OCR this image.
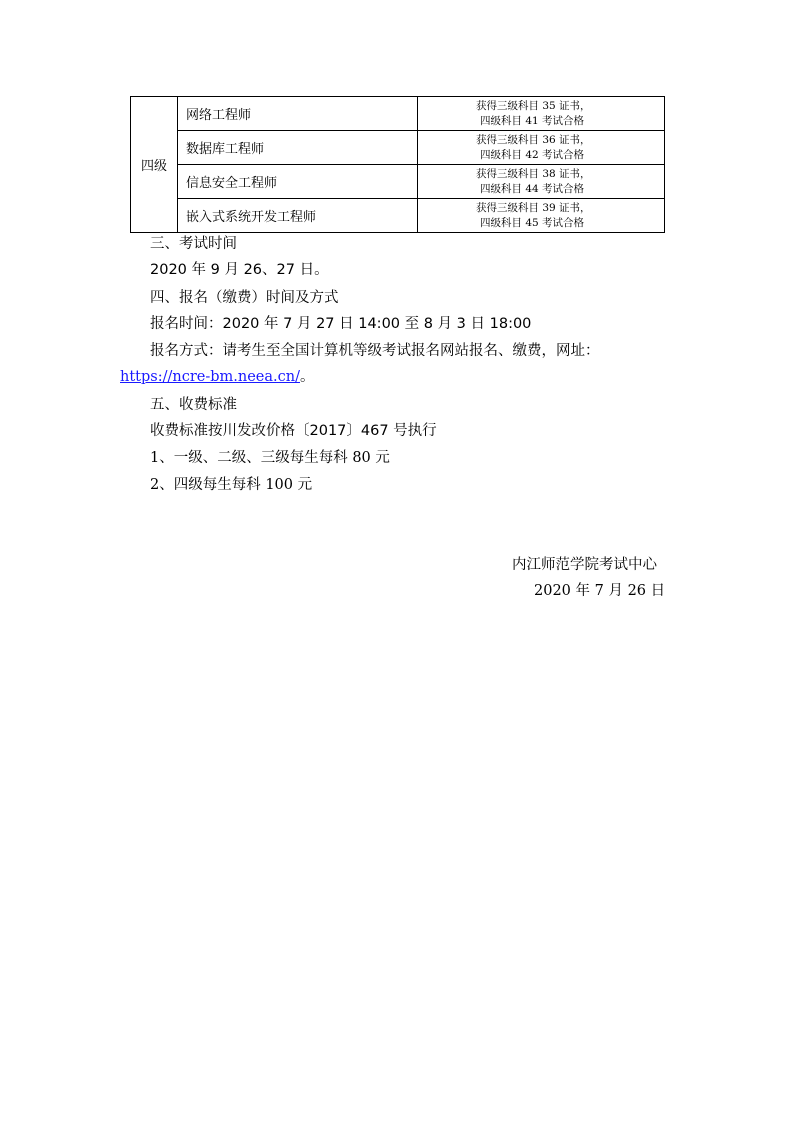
四级	网络工程师	获得三级科目 35 证书，
四级科目 41 考试合格

	数据库工程师	获得三级科目 36 证书，
四级科目 42 考试合格

	信息安全工程师	获得三级科目 38 证书，
四级科目 44 考试合格

	嵌入式系统开发工程师	获得三级科目 39 证书，
四级科目 45 考试合格
三、考试时间
2020 年 9 月 26、27 日。
四、报名（缴费）时间及方式
报名时间：2020 年 7 月 27 日 14:00 至 8 月 3 日 18:00
报名方式：请考生至全国计算机等级考试报名网站报名、缴费，网址：
https://ncre-bm.neea.cn/。
五、收费标准
收费标准按川发改价格〔2017〕467 号执行
1、一级、二级、三级每生每科 80 元
2、四级每生每科 100 元
内江师范学院考试中心
2020 年 7 月 26 日
